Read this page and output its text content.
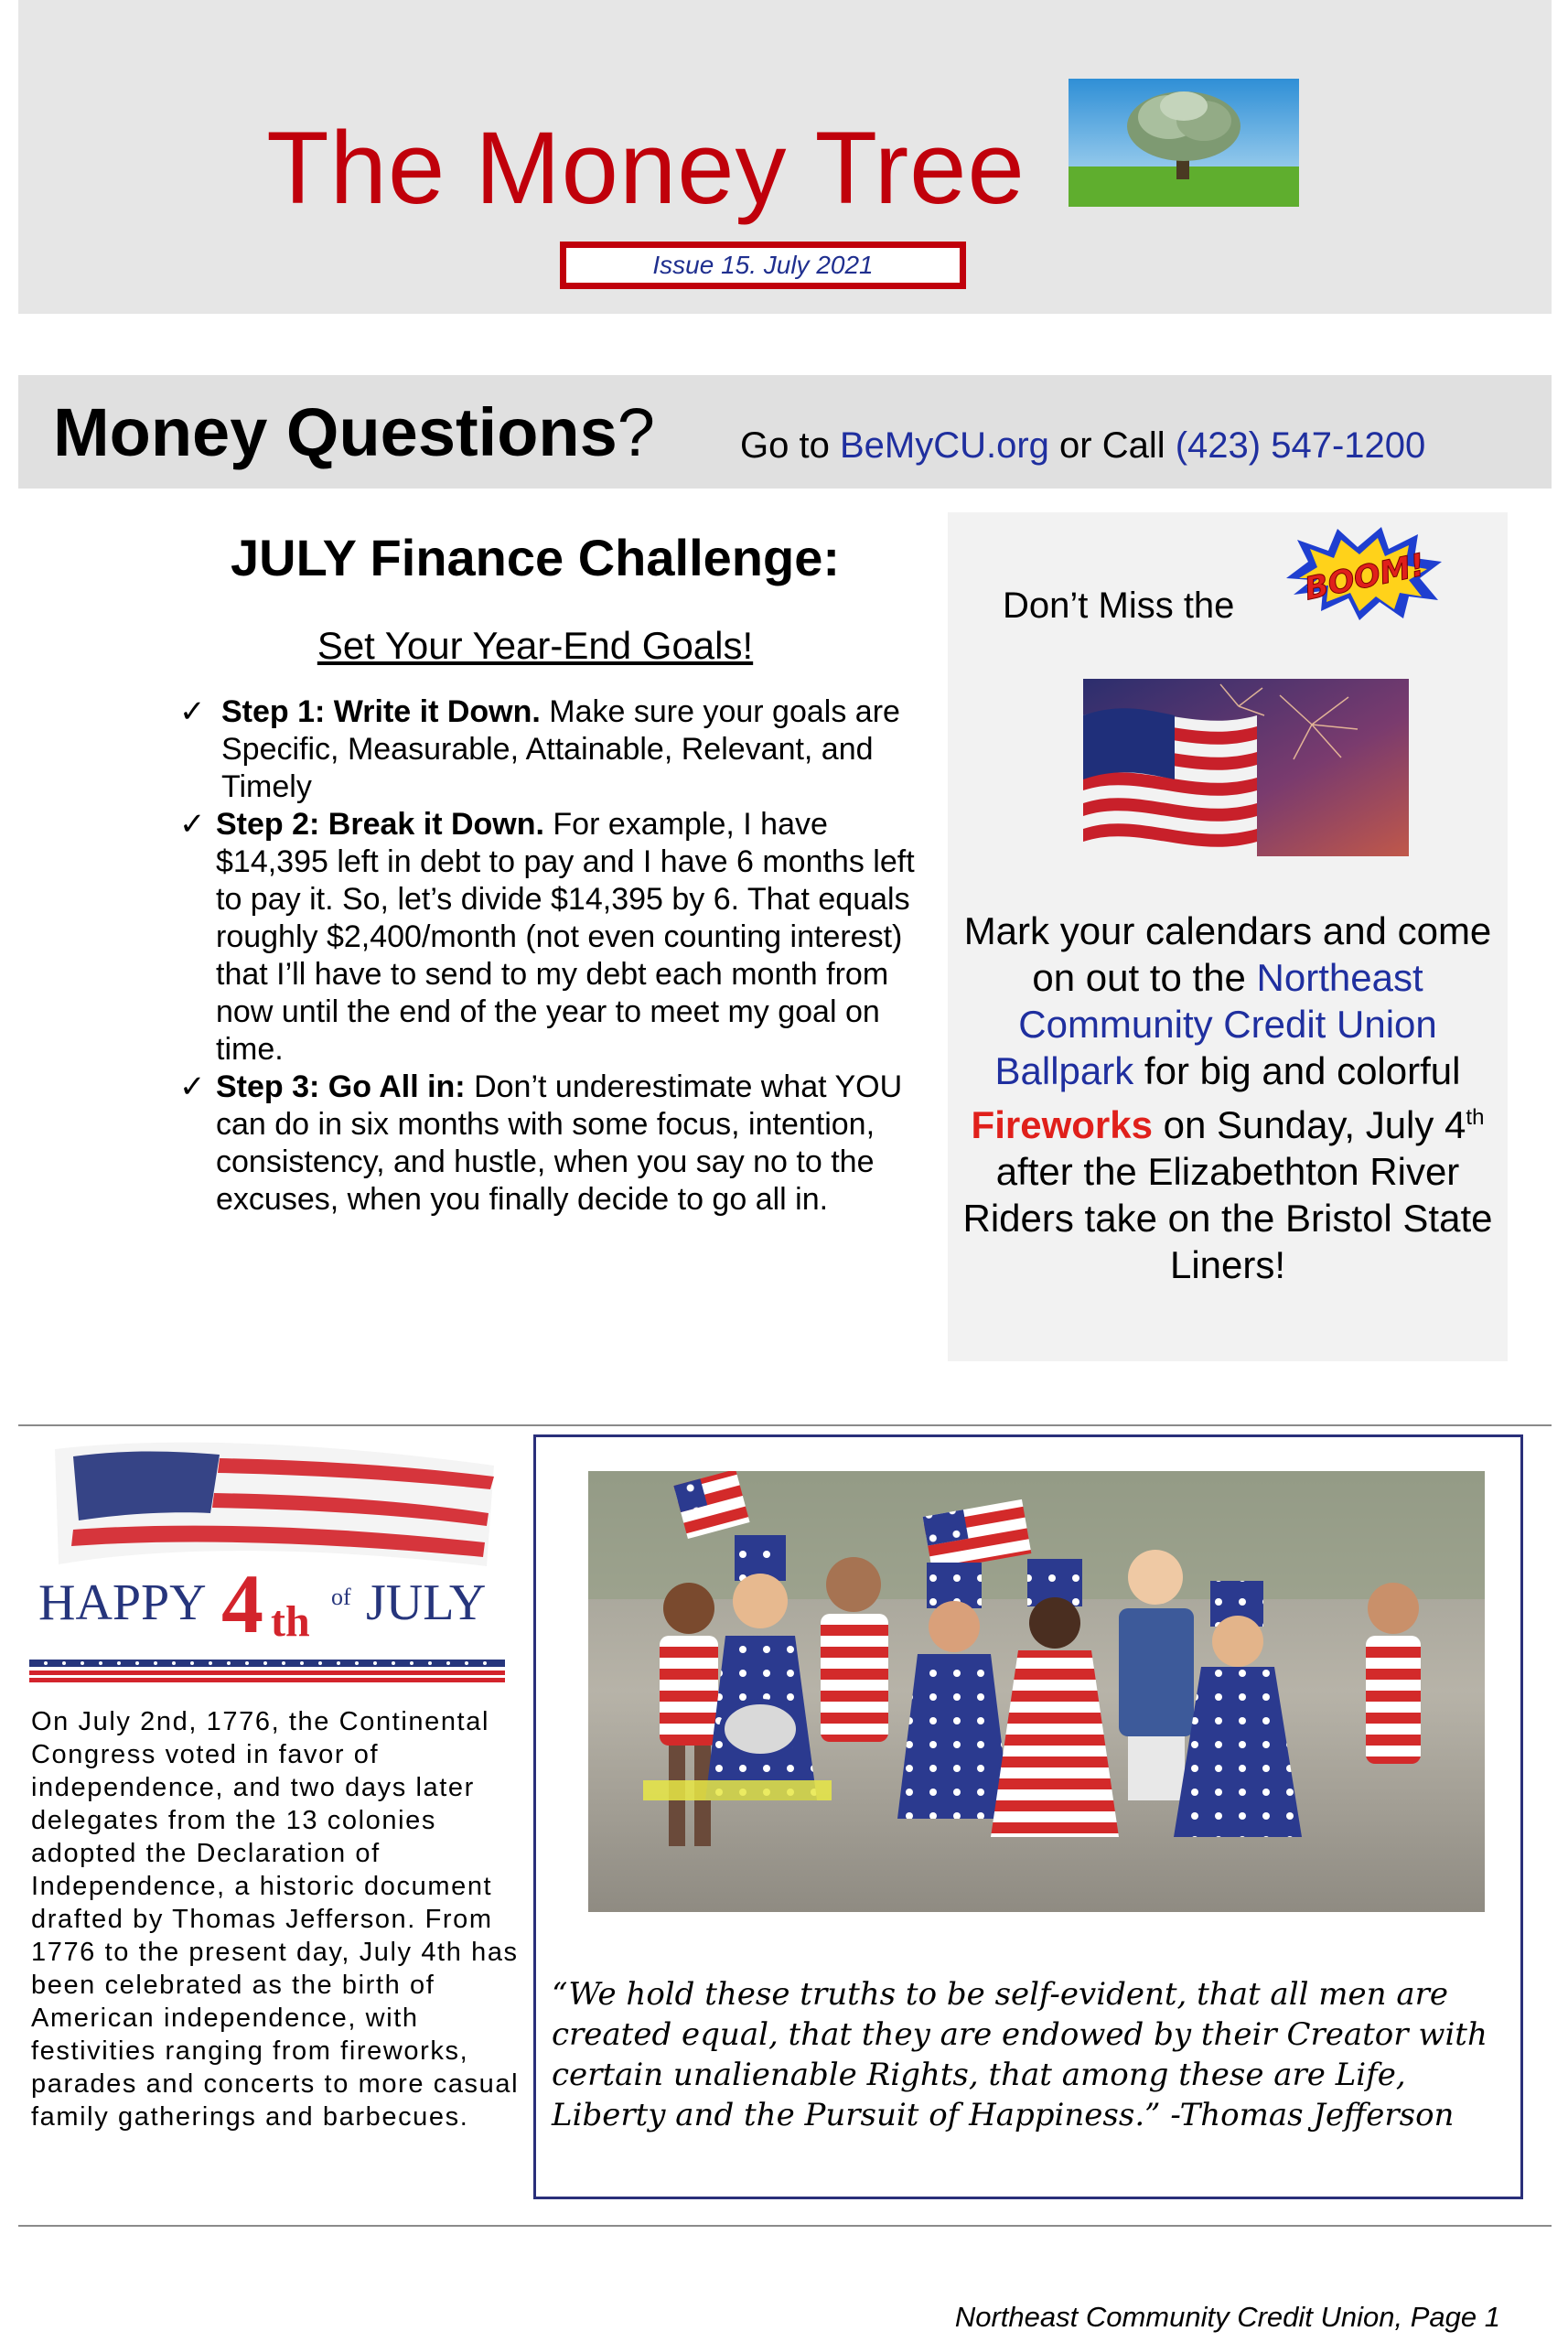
The Money Tree
Issue 15. July 2021
Money Questions? Go to BeMyCU.org or Call (423) 547-1200
JULY Finance Challenge:
Set Your Year-End Goals!
✓ Step 1: Write it Down. Make sure your goals are Specific, Measurable, Attainable, Relevant, and Timely
✓ Step 2: Break it Down. For example, I have $14,395 left in debt to pay and I have 6 months left to pay it. So, let’s divide $14,395 by 6. That equals roughly $2,400/month (not even counting interest) that I’ll have to send to my debt each month from now until the end of the year to meet my goal on time.
✓ Step 3: Go All in: Don’t underestimate what YOU can do in six months with some focus, intention, consistency, and hustle, when you say no to the excuses, when you finally decide to go all in.
Don’t Miss the BOOM!
Mark your calendars and come on out to the Northeast Community Credit Union Ballpark for big and colorful Fireworks on Sunday, July 4th after the Elizabethton River Riders take on the Bristol State Liners!
HAPPY 4 th
of JULY
On July 2nd, 1776, the Continental Congress voted in favor of independence, and two days later delegates from the 13 colonies adopted the Declaration of Independence, a historic document drafted by Thomas Jefferson. From 1776 to the present day, July 4th has been celebrated as the birth of American independence, with festivities ranging from fireworks, parades and concerts to more casual family gatherings and barbecues.
“We hold these truths to be self-evident, that all men are created equal, that they are endowed by their Creator with certain unalienable Rights, that among these are Life, Liberty and the Pursuit of Happiness.” -Thomas Jefferson
Northeast Community Credit Union, Page 1
